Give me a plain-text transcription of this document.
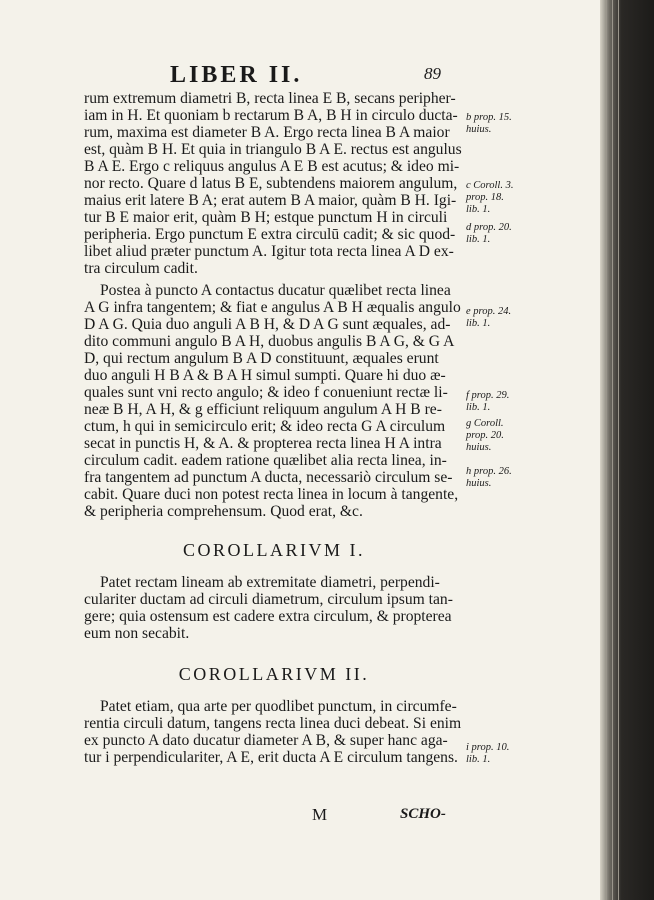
LIBER II.	89
rum extremum diametri B, recta linea E B, secans peripher-
iam in H. Et quoniam b rectarum B A, B H in circulo ducta-
rum, maxima est diameter B A. Ergo recta linea B A maior
est, quàm B H. Et quia in triangulo B A E. rectus est angulus
B A E. Ergo c reliquus angulus A E B est acutus; & ideo mi-
nor recto. Quare d latus B E, subtendens maiorem angulum,
maius erit latere B A; erat autem B A maior, quàm B H. Igi-
tur B E maior erit, quàm B H; estque punctum H in circuli
peripheria. Ergo punctum E extra circulū cadit; & sic quod-
libet aliud præter punctum A. Igitur tota recta linea A D ex-
tra circulum cadit.
Postea à puncto A contactus ducatur quælibet recta linea
A G infra tangentem; & fiat e angulus A B H æqualis angulo
D A G. Quia duo anguli A B H, & D A G sunt æquales, ad-
dito communi angulo B A H, duobus angulis B A G, & G A
D, qui rectum angulum B A D constituunt, æquales erunt
duo anguli H B A & B A H simul sumpti. Quare hi duo æ-
quales sunt vni recto angulo; & ideo f conueniunt rectæ li-
neæ B H, A H, & g efficiunt reliquum angulum A H B re-
ctum, h qui in semicirculo erit; & ideo recta G A circulum
secat in punctis H, & A. & propterea recta linea H A intra
circulum cadit. eadem ratione quælibet alia recta linea, in-
fra tangentem ad punctum A ducta, necessariò circulum se-
cabit. Quare duci non potest recta linea in locum à tangente,
& peripheria comprehensum. Quod erat, &c.
COROLLARIVM I.
Patet rectam lineam ab extremitate diametri, perpendi-
culariter ductam ad circuli diametrum, circulum ipsum tan-
gere; quia ostensum est cadere extra circulum, & propterea
eum non secabit.
COROLLARIVM II.
Patet etiam, qua arte per quodlibet punctum, in circumfe-
rentia circuli datum, tangens recta linea duci debeat. Si enim
ex puncto A dato ducatur diameter A B, & super hanc aga-
tur i perpendiculariter, A E, erit ducta A E circulum tangens.
b prop. 15.
huius.
c Coroll. 3.
prop. 18.
lib. 1.
d prop. 20.
lib. 1.
e prop. 24.
lib. 1.
f prop. 29.
lib. 1.
g Coroll.
prop. 20.
huius.
h prop. 26.
huius.
i prop. 10.
lib. 1.
M	SCHO-
